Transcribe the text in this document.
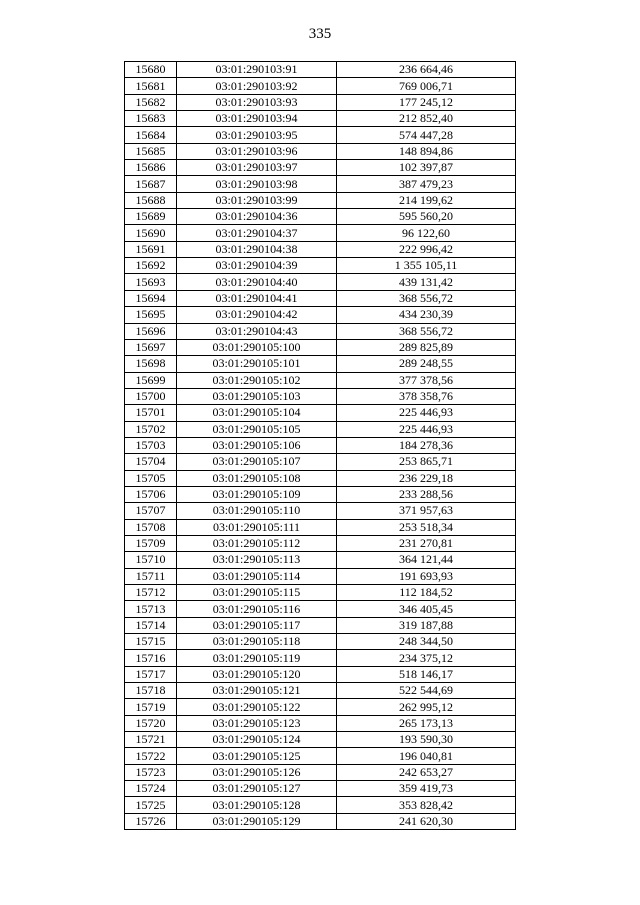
335
15680	03:01:290103:91	236 664,46
15681	03:01:290103:92	769 006,71
15682	03:01:290103:93	177 245,12
15683	03:01:290103:94	212 852,40
15684	03:01:290103:95	574 447,28
15685	03:01:290103:96	148 894,86
15686	03:01:290103:97	102 397,87
15687	03:01:290103:98	387 479,23
15688	03:01:290103:99	214 199,62
15689	03:01:290104:36	595 560,20
15690	03:01:290104:37	96 122,60
15691	03:01:290104:38	222 996,42
15692	03:01:290104:39	1 355 105,11
15693	03:01:290104:40	439 131,42
15694	03:01:290104:41	368 556,72
15695	03:01:290104:42	434 230,39
15696	03:01:290104:43	368 556,72
15697	03:01:290105:100	289 825,89
15698	03:01:290105:101	289 248,55
15699	03:01:290105:102	377 378,56
15700	03:01:290105:103	378 358,76
15701	03:01:290105:104	225 446,93
15702	03:01:290105:105	225 446,93
15703	03:01:290105:106	184 278,36
15704	03:01:290105:107	253 865,71
15705	03:01:290105:108	236 229,18
15706	03:01:290105:109	233 288,56
15707	03:01:290105:110	371 957,63
15708	03:01:290105:111	253 518,34
15709	03:01:290105:112	231 270,81
15710	03:01:290105:113	364 121,44
15711	03:01:290105:114	191 693,93
15712	03:01:290105:115	112 184,52
15713	03:01:290105:116	346 405,45
15714	03:01:290105:117	319 187,88
15715	03:01:290105:118	248 344,50
15716	03:01:290105:119	234 375,12
15717	03:01:290105:120	518 146,17
15718	03:01:290105:121	522 544,69
15719	03:01:290105:122	262 995,12
15720	03:01:290105:123	265 173,13
15721	03:01:290105:124	193 590,30
15722	03:01:290105:125	196 040,81
15723	03:01:290105:126	242 653,27
15724	03:01:290105:127	359 419,73
15725	03:01:290105:128	353 828,42
15726	03:01:290105:129	241 620,30
